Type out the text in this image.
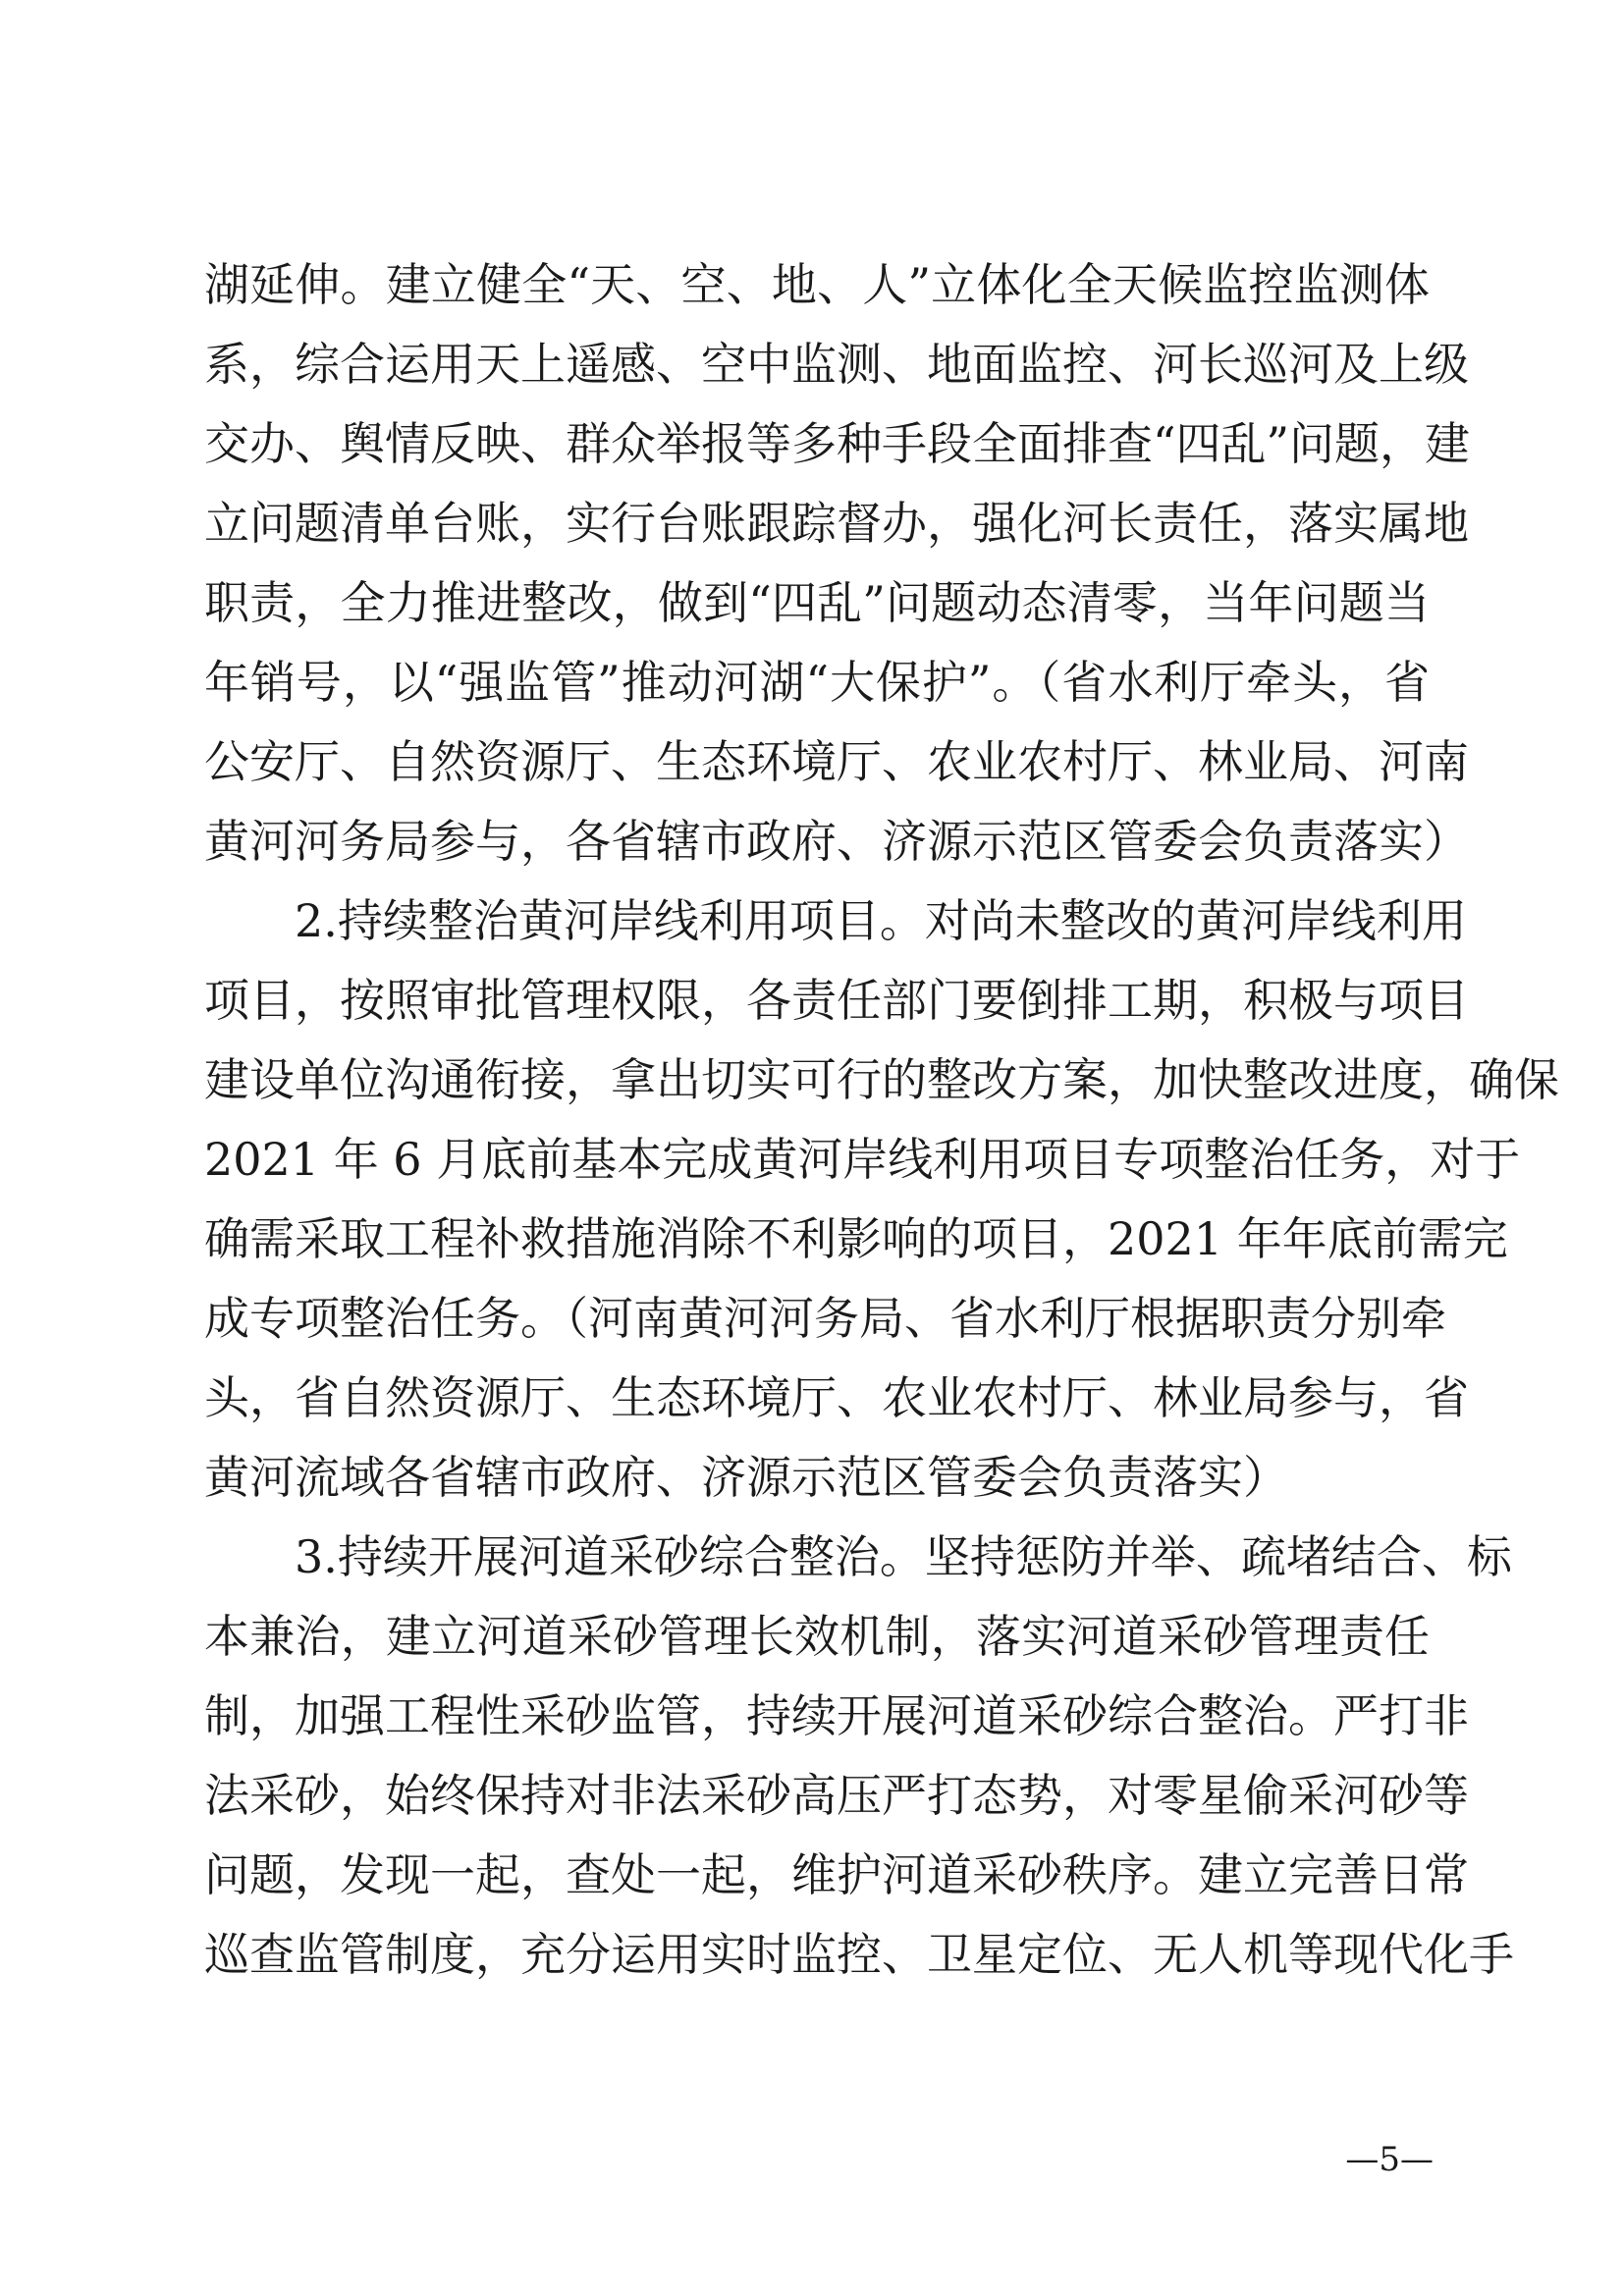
湖延伸。建立健全“天、空、地、人”立体化全天候监控监测体
系，综合运用天上遥感、空中监测、地面监控、河长巡河及上级
交办、舆情反映、群众举报等多种手段全面排查“四乱”问题，建
立问题清单台账，实行台账跟踪督办，强化河长责任，落实属地
职责，全力推进整改，做到“四乱”问题动态清零，当年问题当
年销号，以“强监管”推动河湖“大保护”。（省水利厅牵头，省
公安厅、自然资源厅、生态环境厅、农业农村厅、林业局、河南
黄河河务局参与，各省辖市政府、济源示范区管委会负责落实）
2.持续整治黄河岸线利用项目。对尚未整改的黄河岸线利用
项目，按照审批管理权限，各责任部门要倒排工期，积极与项目
建设单位沟通衔接，拿出切实可行的整改方案，加快整改进度，确保
2021 年 6 月底前基本完成黄河岸线利用项目专项整治任务，对于
确需采取工程补救措施消除不利影响的项目，2021 年年底前需完
成专项整治任务。（河南黄河河务局、省水利厅根据职责分别牵
头，省自然资源厅、生态环境厅、农业农村厅、林业局参与，省
黄河流域各省辖市政府、济源示范区管委会负责落实）
3.持续开展河道采砂综合整治。坚持惩防并举、疏堵结合、标
本兼治，建立河道采砂管理长效机制，落实河道采砂管理责任
制，加强工程性采砂监管，持续开展河道采砂综合整治。严打非
法采砂，始终保持对非法采砂高压严打态势，对零星偷采河砂等
问题，发现一起，查处一起，维护河道采砂秩序。建立完善日常
巡查监管制度，充分运用实时监控、卫星定位、无人机等现代化手
—5—
